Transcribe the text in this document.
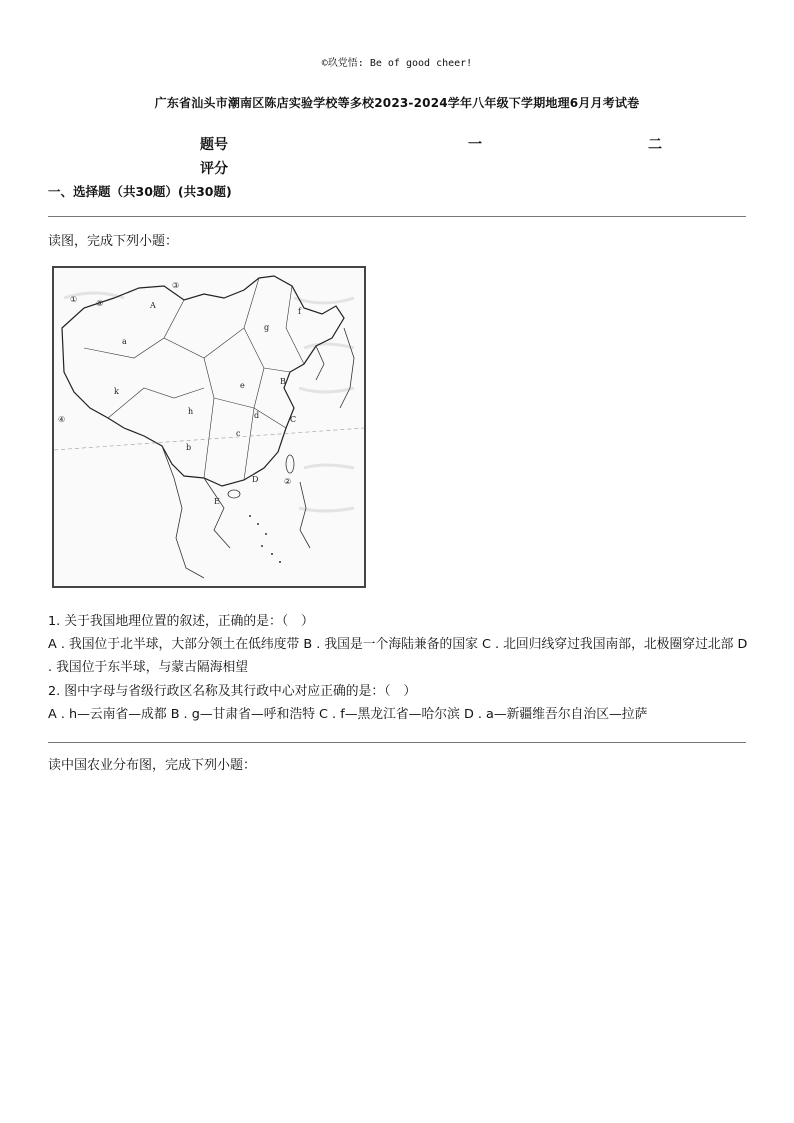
©玖党悟: Be of good cheer!
广东省汕头市潮南区陈店实验学校等多校2023-2024学年八年级下学期地理6月月考试卷
题号	一	二
评分
一、选择题（共30题）(共30题)
读图，完成下列小题：
a
b
c
d
e
f
g
h
k
A
B
C
D
E
①
②
③
④
⑤
1. 关于我国地理位置的叙述，正确的是：（　）
A . 我国位于北半球，大部分领土在低纬度带 B . 我国是一个海陆兼备的国家 C . 北回归线穿过我国南部，北极圈穿过北部 D . 我国位于东半球，与蒙古隔海相望
2. 图中字母与省级行政区名称及其行政中心对应正确的是：（　）
A . h—云南省—成都 B . g—甘肃省—呼和浩特 C . f—黑龙江省—哈尔滨 D . a—新疆维吾尔自治区—拉萨
读中国农业分布图，完成下列小题：
